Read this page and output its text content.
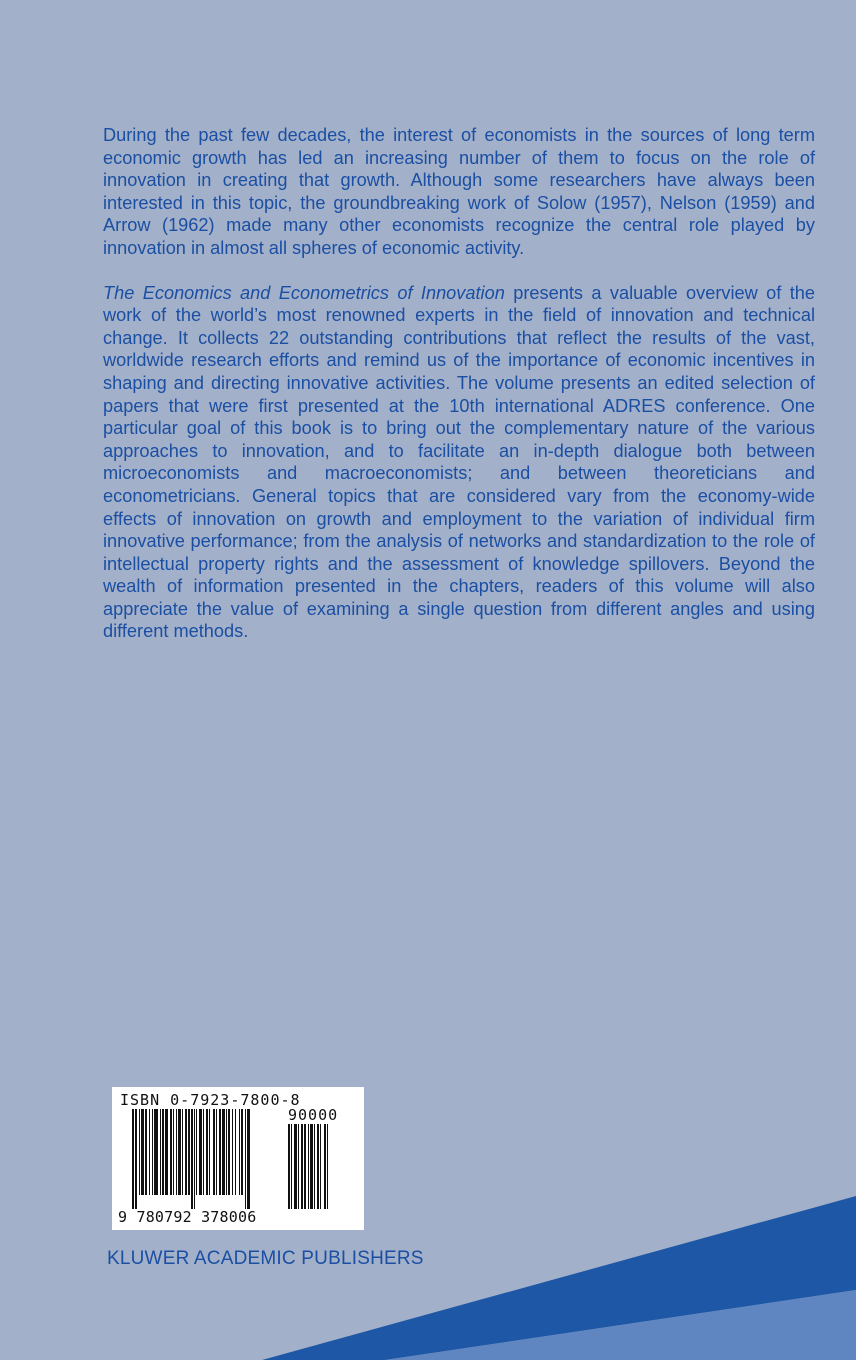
During the past few decades, the interest of economists in the sources of long term economic growth has led an increasing number of them to focus on the role of innovation in creating that growth. Although some researchers have always been interested in this topic, the groundbreaking work of Solow (1957), Nelson (1959) and Arrow (1962) made many other economists recognize the central role played by innovation in almost all spheres of economic activity.

The Economics and Econometrics of Innovation presents a valuable overview of the work of the world’s most renowned experts in the field of innovation and technical change. It collects 22 outstanding contributions that reflect the results of the vast, worldwide research efforts and remind us of the importance of economic incentives in shaping and directing innovative activities. The volume presents an edited selection of papers that were first presented at the 10th international ADRES conference. One particular goal of this book is to bring out the complementary nature of the various approaches to innovation, and to facilitate an in-depth dialogue both between microeconomists and macroeconomists; and between theoreticians and econometricians. General topics that are considered vary from the economy-wide effects of innovation on growth and employment to the variation of individual firm innovative performance; from the analysis of networks and standardization to the role of intellectual property rights and the assessment of knowledge spillovers. Beyond the wealth of information presented in the chapters, readers of this volume will also appreciate the value of examining a single question from different angles and using different methods.

ISBN 0-7923-7800-8
90000
9 780792 378006
KLUWER ACADEMIC PUBLISHERS
